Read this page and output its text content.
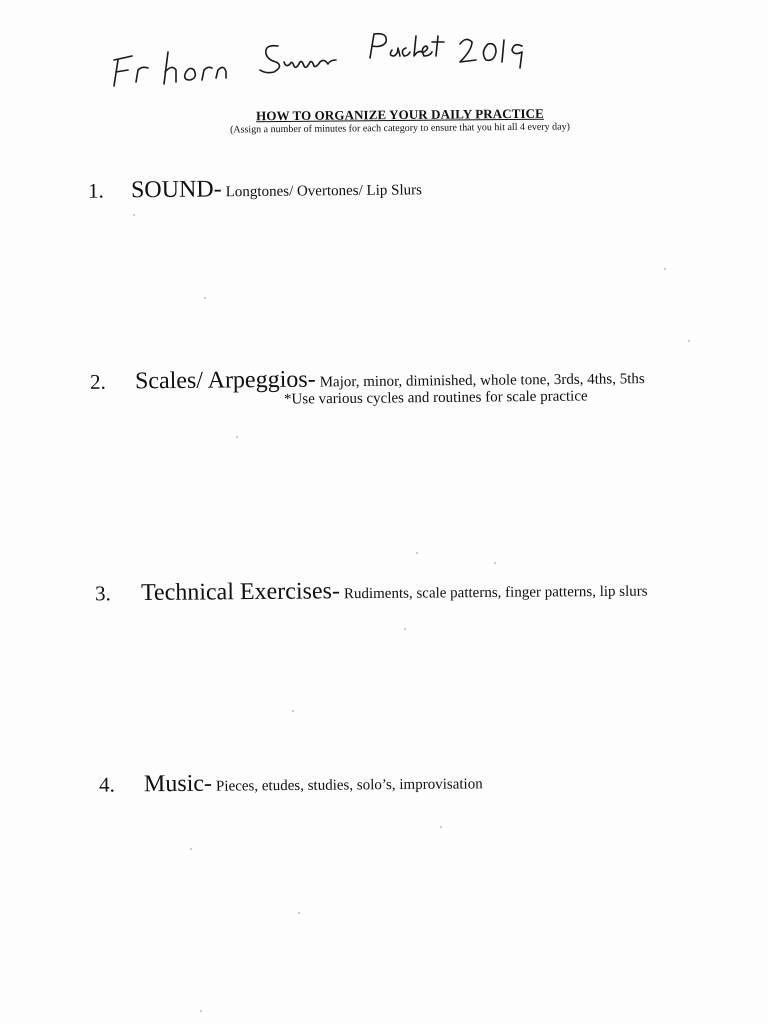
HOW TO ORGANIZE YOUR DAILY PRACTICE
(Assign a number of minutes for each category to ensure that you hit all 4 every day)
1. SOUND- Longtones/ Overtones/ Lip Slurs
2. Scales/ Arpeggios- Major, minor, diminished, whole tone, 3rds, 4ths, 5ths
*Use various cycles and routines for scale practice
3. Technical Exercises- Rudiments, scale patterns, finger patterns, lip slurs
4. Music- Pieces, etudes, studies, solo’s, improvisation
